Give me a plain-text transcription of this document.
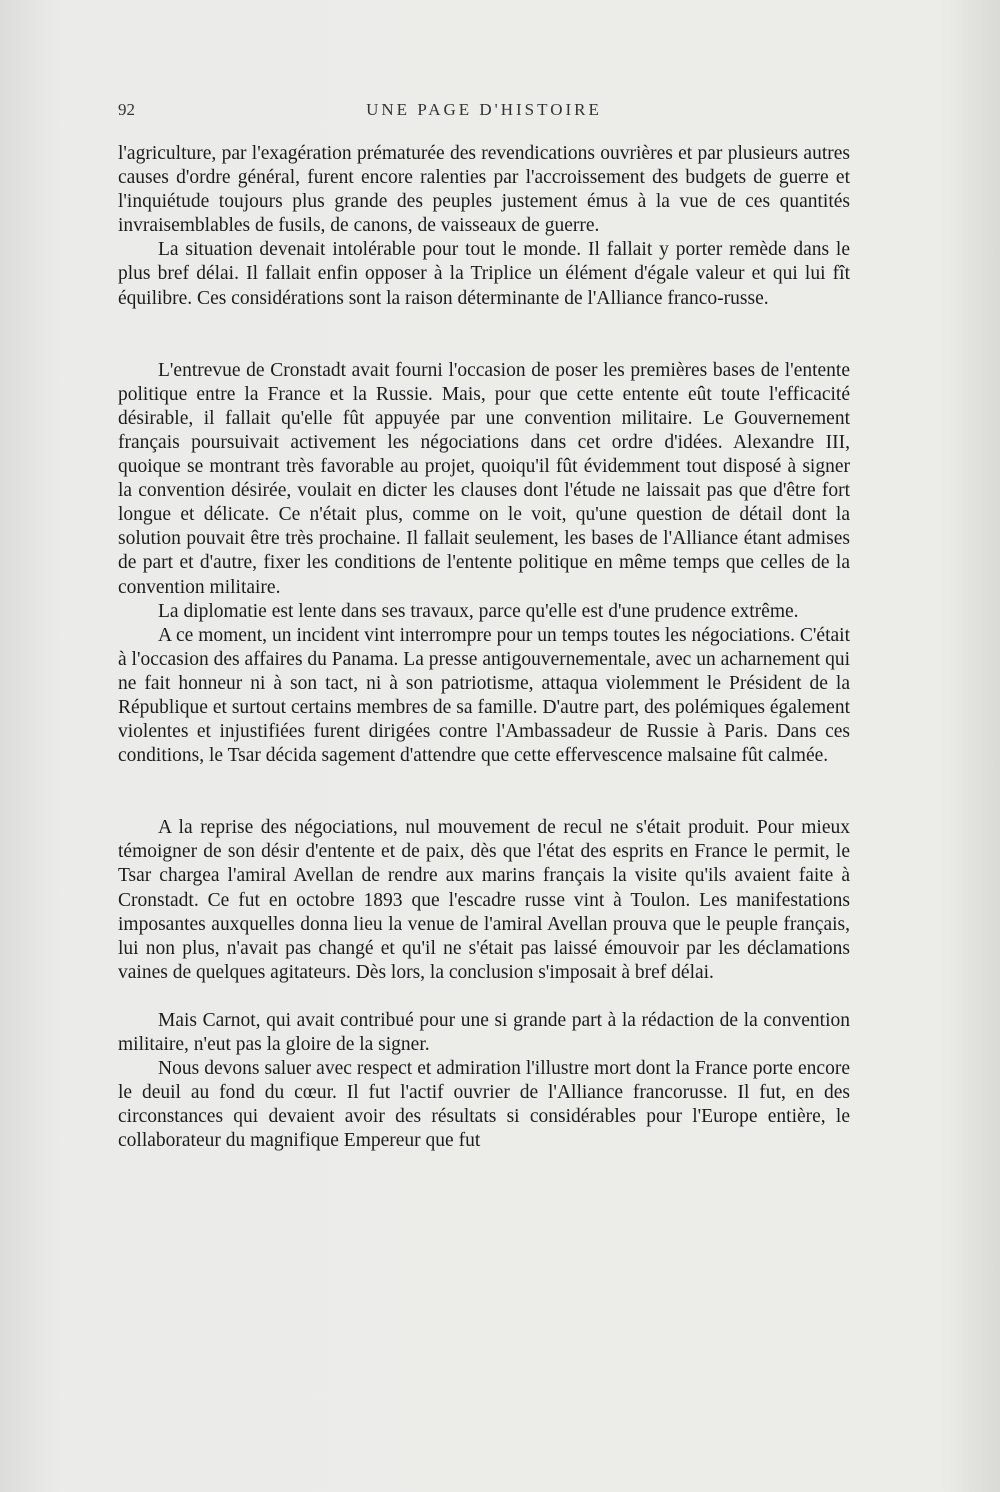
92	UNE PAGE D'HISTOIRE

l'agriculture, par l'exagération prématurée des revendications ouvrières et par plusieurs autres causes d'ordre général, furent encore ralenties par l'accroissement des budgets de guerre et l'inquiétude toujours plus grande des peuples justement émus à la vue de ces quantités invraisemblables de fusils, de canons, de vaisseaux de guerre.

La situation devenait intolérable pour tout le monde. Il fallait y porter remède dans le plus bref délai. Il fallait enfin opposer à la Triplice un élément d'égale valeur et qui lui fît équilibre. Ces considérations sont la raison déterminante de l'Alliance franco-russe.

L'entrevue de Cronstadt avait fourni l'occasion de poser les premières bases de l'entente politique entre la France et la Russie. Mais, pour que cette entente eût toute l'efficacité désirable, il fallait qu'elle fût appuyée par une convention militaire. Le Gouvernement français poursuivait activement les négociations dans cet ordre d'idées. Alexandre III, quoique se montrant très favorable au projet, quoiqu'il fût évidemment tout disposé à signer la convention désirée, voulait en dicter les clauses dont l'étude ne laissait pas que d'être fort longue et délicate. Ce n'était plus, comme on le voit, qu'une question de détail dont la solution pouvait être très prochaine. Il fallait seulement, les bases de l'Alliance étant admises de part et d'autre, fixer les conditions de l'entente politique en même temps que celles de la convention militaire.

La diplomatie est lente dans ses travaux, parce qu'elle est d'une prudence extrême.

A ce moment, un incident vint interrompre pour un temps toutes les négociations. C'était à l'occasion des affaires du Panama. La presse antigouvernementale, avec un acharnement qui ne fait honneur ni à son tact, ni à son patriotisme, attaqua violemment le Président de la République et surtout certains membres de sa famille. D'autre part, des polémiques également violentes et injustifiées furent dirigées contre l'Ambassadeur de Russie à Paris. Dans ces conditions, le Tsar décida sagement d'attendre que cette effervescence malsaine fût calmée.

A la reprise des négociations, nul mouvement de recul ne s'était produit. Pour mieux témoigner de son désir d'entente et de paix, dès que l'état des esprits en France le permit, le Tsar chargea l'amiral Avellan de rendre aux marins français la visite qu'ils avaient faite à Cronstadt. Ce fut en octobre 1893 que l'escadre russe vint à Toulon. Les manifestations imposantes auxquelles donna lieu la venue de l'amiral Avellan prouva que le peuple français, lui non plus, n'avait pas changé et qu'il ne s'était pas laissé émouvoir par les déclamations vaines de quelques agitateurs. Dès lors, la conclusion s'imposait à bref délai.

Mais Carnot, qui avait contribué pour une si grande part à la rédaction de la convention militaire, n'eut pas la gloire de la signer.

Nous devons saluer avec respect et admiration l'illustre mort dont la France porte encore le deuil au fond du cœur. Il fut l'actif ouvrier de l'Alliance francorusse. Il fut, en des circonstances qui devaient avoir des résultats si considérables pour l'Europe entière, le collaborateur du magnifique Empereur que fut
